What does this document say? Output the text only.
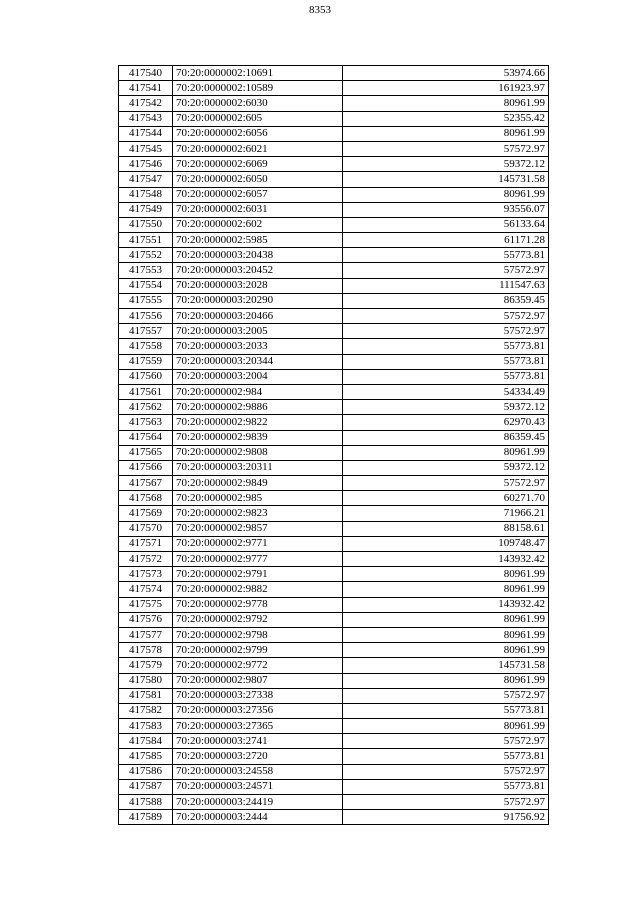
8353
417540	70:20:0000002:10691	53974.66
417541	70:20:0000002:10589	161923.97
417542	70:20:0000002:6030	80961.99
417543	70:20:0000002:605	52355.42
417544	70:20:0000002:6056	80961.99
417545	70:20:0000002:6021	57572.97
417546	70:20:0000002:6069	59372.12
417547	70:20:0000002:6050	145731.58
417548	70:20:0000002:6057	80961.99
417549	70:20:0000002:6031	93556.07
417550	70:20:0000002:602	56133.64
417551	70:20:0000002:5985	61171.28
417552	70:20:0000003:20438	55773.81
417553	70:20:0000003:20452	57572.97
417554	70:20:0000003:2028	111547.63
417555	70:20:0000003:20290	86359.45
417556	70:20:0000003:20466	57572.97
417557	70:20:0000003:2005	57572.97
417558	70:20:0000003:2033	55773.81
417559	70:20:0000003:20344	55773.81
417560	70:20:0000003:2004	55773.81
417561	70:20:0000002:984	54334.49
417562	70:20:0000002:9886	59372.12
417563	70:20:0000002:9822	62970.43
417564	70:20:0000002:9839	86359.45
417565	70:20:0000002:9808	80961.99
417566	70:20:0000003:20311	59372.12
417567	70:20:0000002:9849	57572.97
417568	70:20:0000002:985	60271.70
417569	70:20:0000002:9823	71966.21
417570	70:20:0000002:9857	88158.61
417571	70:20:0000002:9771	109748.47
417572	70:20:0000002:9777	143932.42
417573	70:20:0000002:9791	80961.99
417574	70:20:0000002:9882	80961.99
417575	70:20:0000002:9778	143932.42
417576	70:20:0000002:9792	80961.99
417577	70:20:0000002:9798	80961.99
417578	70:20:0000002:9799	80961.99
417579	70:20:0000002:9772	145731.58
417580	70:20:0000002:9807	80961.99
417581	70:20:0000003:27338	57572.97
417582	70:20:0000003:27356	55773.81
417583	70:20:0000003:27365	80961.99
417584	70:20:0000003:2741	57572.97
417585	70:20:0000003:2720	55773.81
417586	70:20:0000003:24558	57572.97
417587	70:20:0000003:24571	55773.81
417588	70:20:0000003:24419	57572.97
417589	70:20:0000003:2444	91756.92
